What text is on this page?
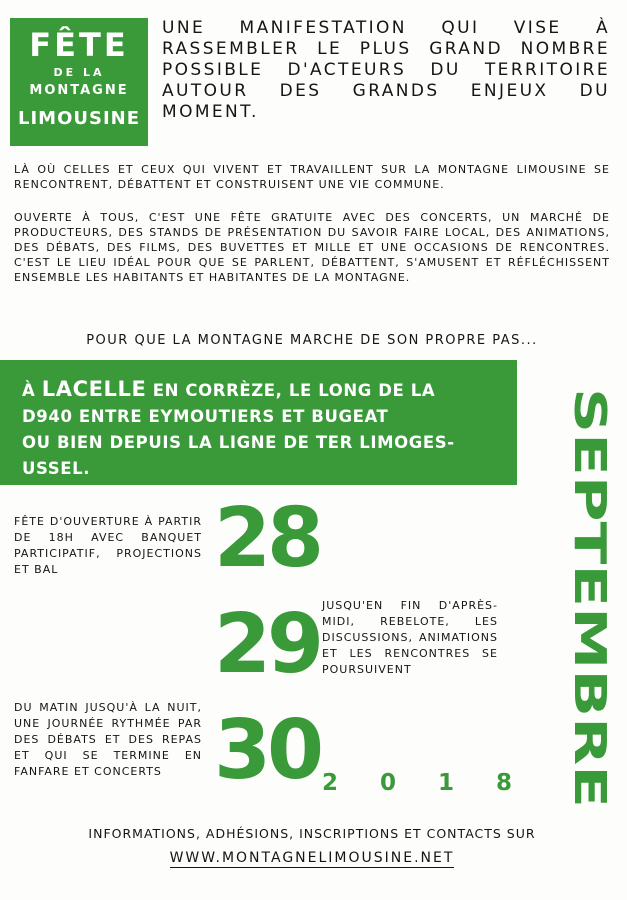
FÊTE
DE LA
MONTAGNE
LIMOUSINE
UNE MANIFESTATION QUI VISE À RASSEMBLER LE PLUS GRAND NOMBRE POSSIBLE D'ACTEURS DU TERRITOIRE AUTOUR DES GRANDS ENJEUX DU MOMENT.

LÀ OÙ CELLES ET CEUX QUI VIVENT ET TRAVAILLENT SUR LA MONTAGNE LIMOUSINE SE RENCONTRENT, DÉBATTENT ET CONSTRUISENT UNE VIE COMMUNE.

OUVERTE À TOUS, C'EST UNE FÊTE GRATUITE AVEC DES CONCERTS, UN MARCHÉ DE PRODUCTEURS, DES STANDS DE PRÉSENTATION DU SAVOIR FAIRE LOCAL, DES ANIMATIONS, DES DÉBATS, DES FILMS, DES BUVETTES ET MILLE ET UNE OCCASIONS DE RENCONTRES. C'EST LE LIEU IDÉAL POUR QUE SE PARLENT, DÉBATTENT, S'AMUSENT ET RÉFLÉCHISSENT ENSEMBLE LES HABITANTS ET HABITANTES DE LA MONTAGNE.

POUR QUE LA MONTAGNE MARCHE DE SON PROPRE PAS...
À LACELLE EN CORRÈZE, LE LONG DE LA
D940 ENTRE EYMOUTIERS ET BUGEAT
OU BIEN DEPUIS LA LIGNE DE TER LIMOGES-USSEL.	SEPTEMBRE

FÊTE D'OUVERTURE À PARTIR DE 18H AVEC BANQUET PARTICIPATIF, PROJECTIONS ET BAL	28

JUSQU'EN FIN D'APRÈS-MIDI, REBELOTE, LES DISCUSSIONS, ANIMATIONS ET LES RENCONTRES SE POURSUIVENT

29

DU MATIN JUSQU'À LA NUIT, UNE JOURNÉE RYTHMÉE PAR DES DÉBATS ET DES REPAS ET QUI SE TERMINE EN FANFARE ET CONCERTS 30 2 0 1 8
INFORMATIONS, ADHÉSIONS, INSCRIPTIONS ET CONTACTS SUR
WWW.MONTAGNELIMOUSINE.NET
